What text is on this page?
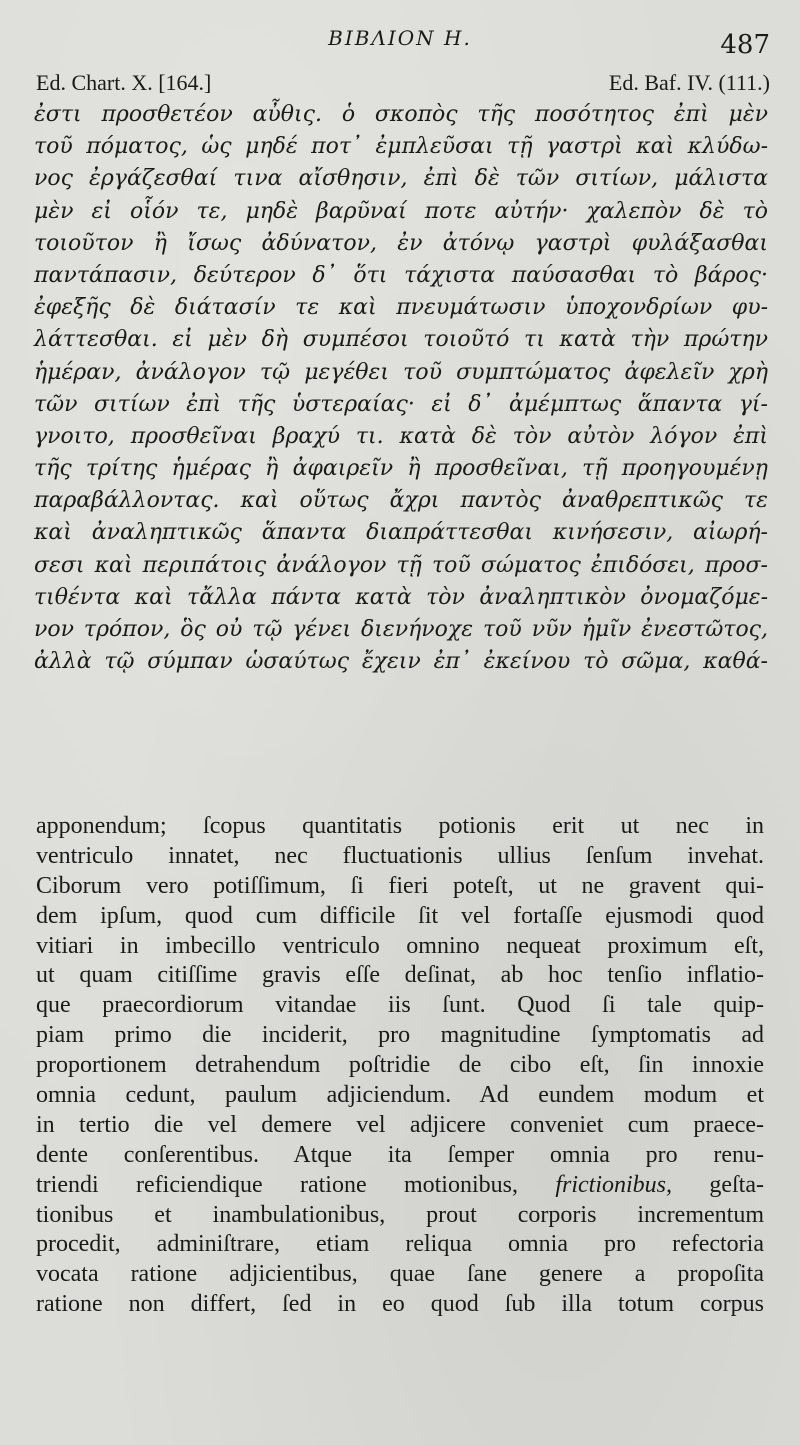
ΒΙΒΛΙΟΝ Η.	487
Ed. Chart. X. [164.]	Ed. Baf. IV. (111.)
ἐστι προσθετέον αὖθις. ὁ σκοπὸς τῆς ποσότητος ἐπὶ μὲν
τοῦ πόματος, ὡς μηδέ ποτ᾽ ἐμπλεῦσαι τῇ γαστρὶ καὶ κλύδω-
νος ἐργάζεσθαί τινα αἴσθησιν, ἐπὶ δὲ τῶν σιτίων, μάλιστα
μὲν εἰ οἷόν τε, μηδὲ βαρῦναί ποτε αὐτήν· χαλεπὸν δὲ τὸ
τοιοῦτον ἢ ἴσως ἀδύνατον, ἐν ἀτόνῳ γαστρὶ φυλάξασθαι
παντάπασιν, δεύτερον δ᾽ ὅτι τάχιστα παύσασθαι τὸ βάρος·
ἐφεξῆς δὲ διάτασίν τε καὶ πνευμάτωσιν ὑποχονδρίων φυ-
λάττεσθαι. εἰ μὲν δὴ συμπέσοι τοιοῦτό τι κατὰ τὴν πρώτην
ἡμέραν, ἀνάλογον τῷ μεγέθει τοῦ συμπτώματος ἀφελεῖν χρὴ
τῶν σιτίων ἐπὶ τῆς ὑστεραίας· εἰ δ᾽ ἀμέμπτως ἅπαντα γί-
γνοιτο, προσθεῖναι βραχύ τι. κατὰ δὲ τὸν αὐτὸν λόγον ἐπὶ
τῆς τρίτης ἡμέρας ἢ ἀφαιρεῖν ἢ προσθεῖναι, τῇ προηγουμένῃ
παραβάλλοντας. καὶ οὕτως ἄχρι παντὸς ἀναθρεπτικῶς τε
καὶ ἀναληπτικῶς ἅπαντα διαπράττεσθαι κινήσεσιν, αἰωρή-
σεσι καὶ περιπάτοις ἀνάλογον τῇ τοῦ σώματος ἐπιδόσει, προσ-
τιθέντα καὶ τἄλλα πάντα κατὰ τὸν ἀναληπτικὸν ὀνομαζόμε-
νον τρόπον, ὃς οὐ τῷ γένει διενήνοχε τοῦ νῦν ἡμῖν ἐνεστῶτος,
ἀλλὰ τῷ σύμπαν ὡσαύτως ἔχειν ἐπ᾽ ἐκείνου τὸ σῶμα, καθά-
apponendum; ſcopus quantitatis potionis erit ut nec in
ventriculo innatet, nec fluctuationis ullius ſenſum invehat.
Ciborum vero potiſſimum, ſi fieri poteſt, ut ne gravent qui-
dem ipſum, quod cum difficile ſit vel fortaſſe ejusmodi quod
vitiari in imbecillo ventriculo omnino nequeat proximum eſt,
ut quam citiſſime gravis eſſe deſinat, ab hoc tenſio inflatio-
que praecordiorum vitandae iis ſunt. Quod ſi tale quip-
piam primo die inciderit, pro magnitudine ſymptomatis ad
proportionem detrahendum poſtridie de cibo eſt, ſin innoxie
omnia cedunt, paulum adjiciendum. Ad eundem modum et
in tertio die vel demere vel adjicere conveniet cum praece-
dente conſerentibus. Atque ita ſemper omnia pro renu-
triendi reficiendique ratione motionibus, frictionibus, geſta-
tionibus et inambulationibus, prout corporis incrementum
procedit, adminiſtrare, etiam reliqua omnia pro refectoria
vocata ratione adjicientibus, quae ſane genere a propoſita
ratione non differt, ſed in eo quod ſub illa totum corpus
